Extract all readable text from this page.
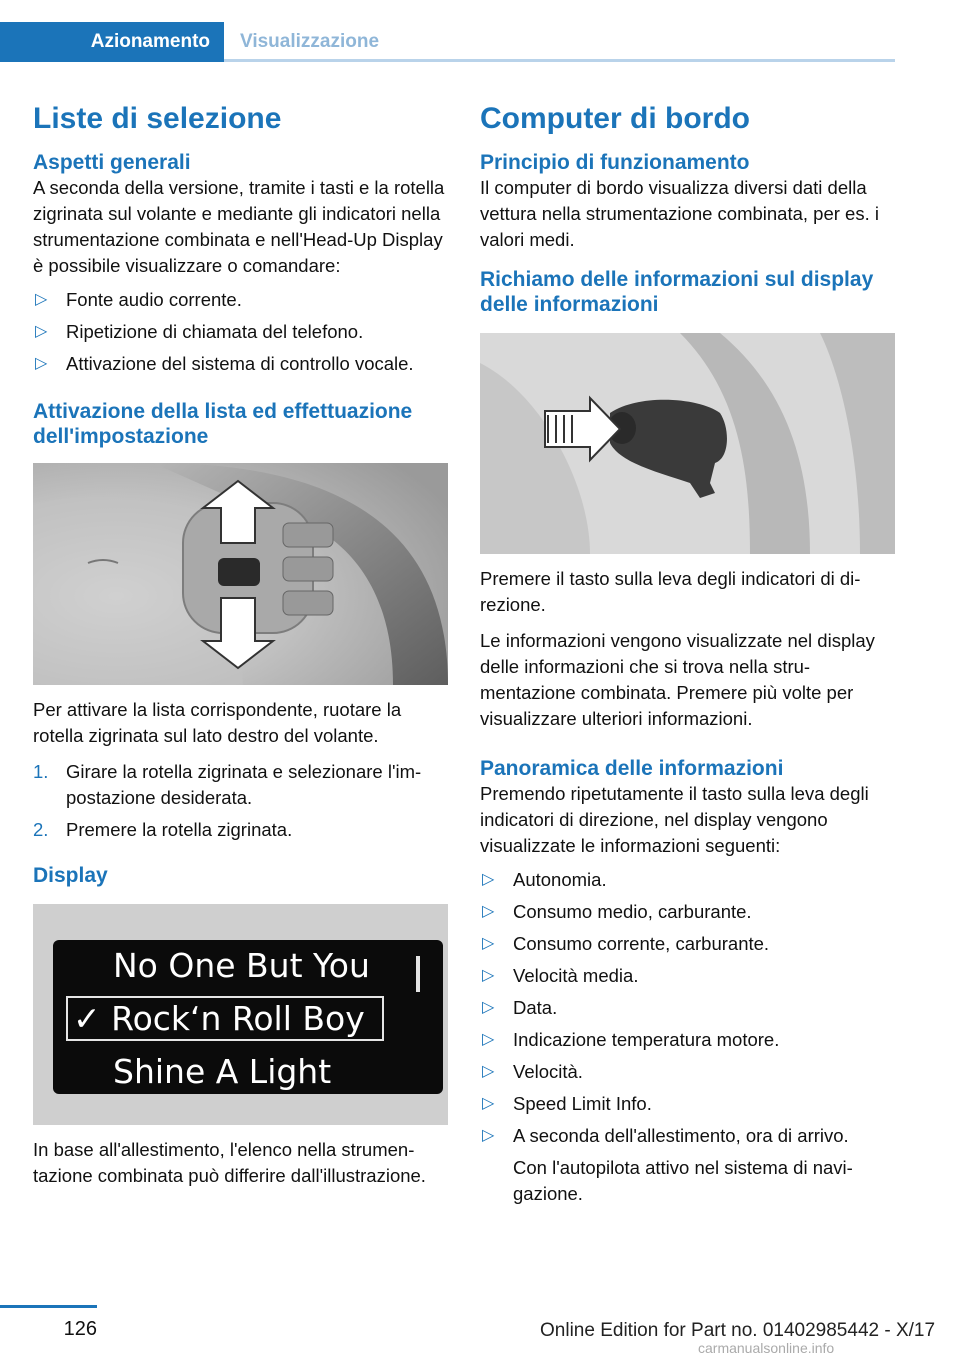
Azionamento	Visualizzazione
Liste di selezione
Aspetti generali

A seconda della versione, tramite i tasti e la rotella zigrinata sul volante e mediante gli indicatori nella strumentazione combinata e nell'Head-Up Display è possibile visualizzare o comandare:

▷ Fonte audio corrente.
▷ Ripetizione di chiamata del telefono.
▷ Attivazione del sistema di controllo vocale.
Attivazione della lista ed effettuazione dell'impostazione

Per attivare la lista corrispondente, ruotare la rotella zigrinata sul lato destro del volante.

1. Girare la rotella zigrinata e selezionare l'impostazione desiderata.
2. Premere la rotella zigrinata.
Display
No One But You
✓ Rock‘n Roll Boy
Shine A Light

In base all'allestimento, l'elenco nella strumentazione combinata può differire dall'illustrazione.

Computer di bordo
Principio di funzionamento

Il computer di bordo visualizza diversi dati della vettura nella strumentazione combinata, per es. i valori medi.

Richiamo delle informazioni sul display delle informazioni

Premere il tasto sulla leva degli indicatori di direzione.

Le informazioni vengono visualizzate nel display delle informazioni che si trova nella strumentazione combinata. Premere più volte per visualizzare ulteriori informazioni.

Panoramica delle informazioni

Premendo ripetutamente il tasto sulla leva degli indicatori di direzione, nel display vengono visualizzate le informazioni seguenti:

▷ Autonomia.
▷ Consumo medio, carburante.
▷ Consumo corrente, carburante.
▷ Velocità media.
▷ Data.
▷ Indicazione temperatura motore.
▷ Velocità.
▷ Speed Limit Info.
▷ A seconda dell'allestimento, ora di arrivo.
Con l'autopilota attivo nel sistema di navigazione.
126	Online Edition for Part no. 01402985442 - X/17
carmanualsonline.info
